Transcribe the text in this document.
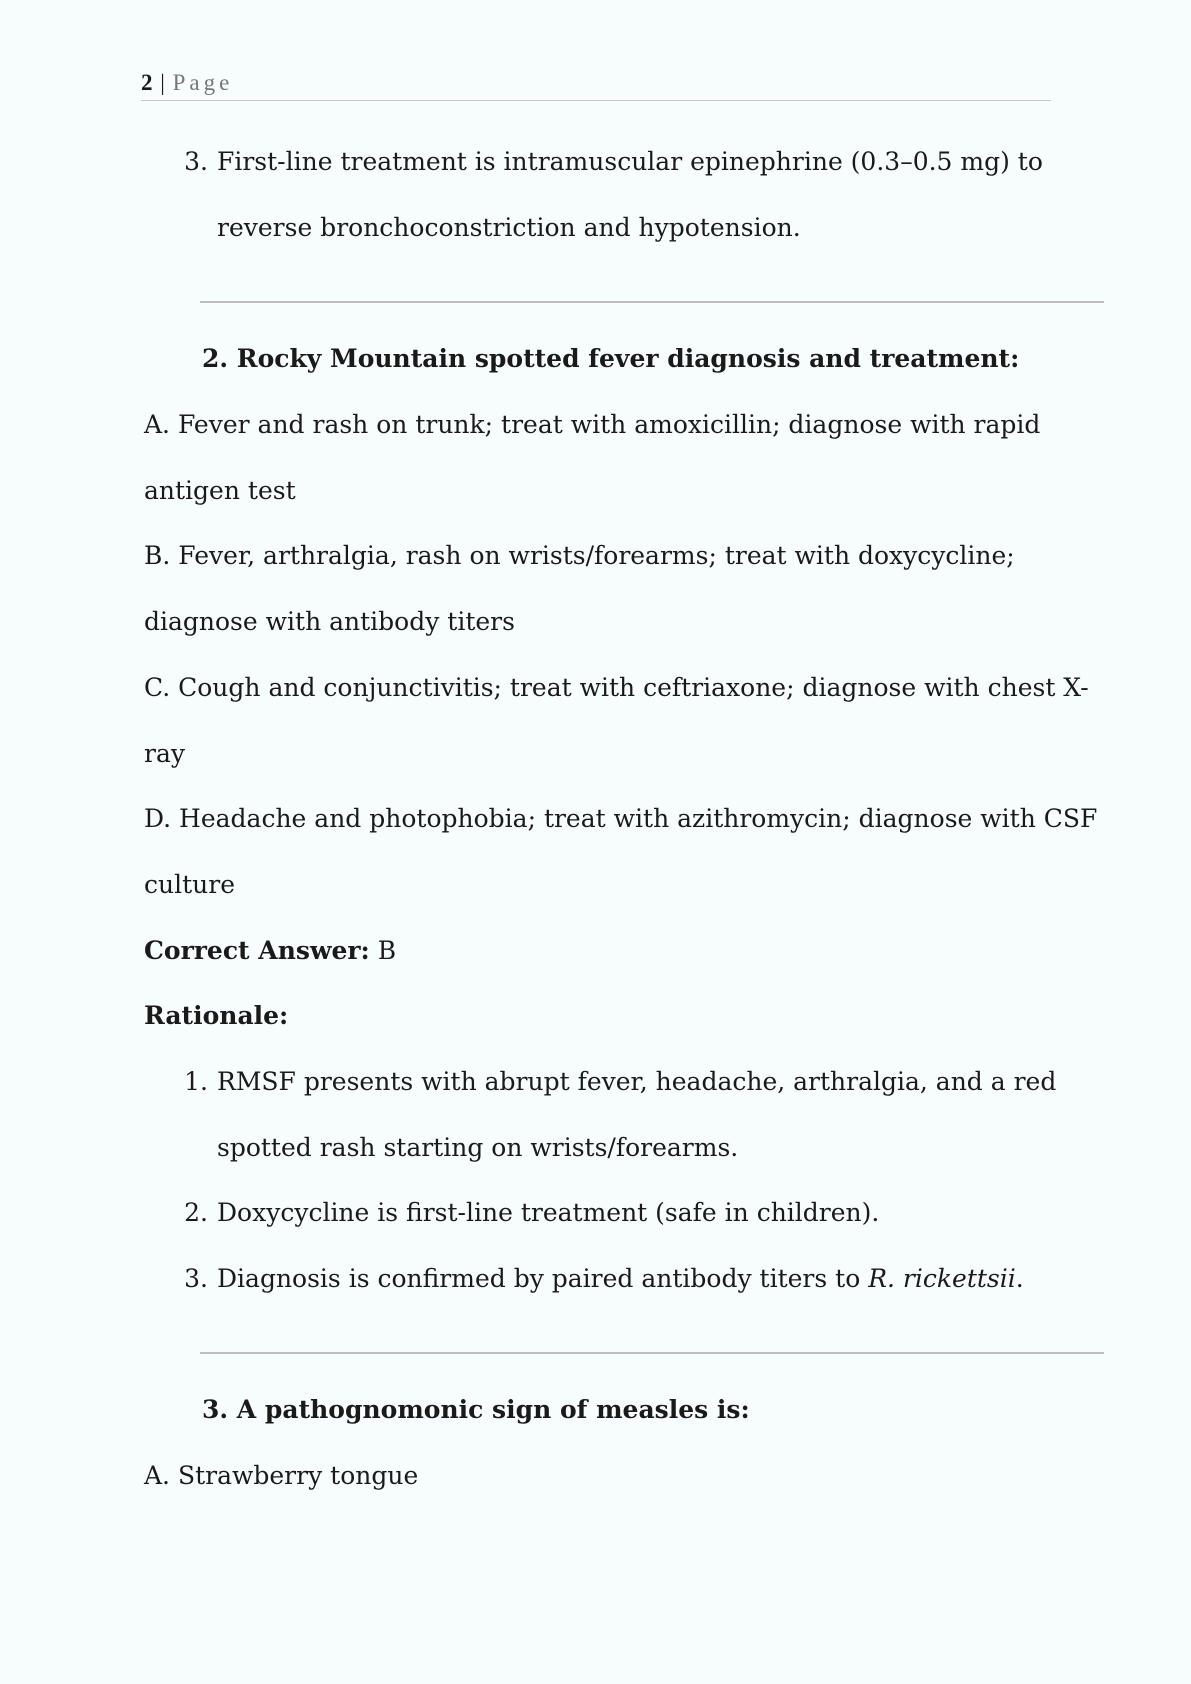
2 | Page
3. First-line treatment is intramuscular epinephrine (0.3–0.5 mg) to
reverse bronchoconstriction and hypotension.
2. Rocky Mountain spotted fever diagnosis and treatment:
A. Fever and rash on trunk; treat with amoxicillin; diagnose with rapid
antigen test
B. Fever, arthralgia, rash on wrists/forearms; treat with doxycycline;
diagnose with antibody titers
C. Cough and conjunctivitis; treat with ceftriaxone; diagnose with chest X-
ray
D. Headache and photophobia; treat with azithromycin; diagnose with CSF
culture
Correct Answer: B
Rationale:
1. RMSF presents with abrupt fever, headache, arthralgia, and a red
spotted rash starting on wrists/forearms.
2. Doxycycline is first-line treatment (safe in children).
3. Diagnosis is confirmed by paired antibody titers to R. rickettsii.
3. A pathognomonic sign of measles is:
A. Strawberry tongue
